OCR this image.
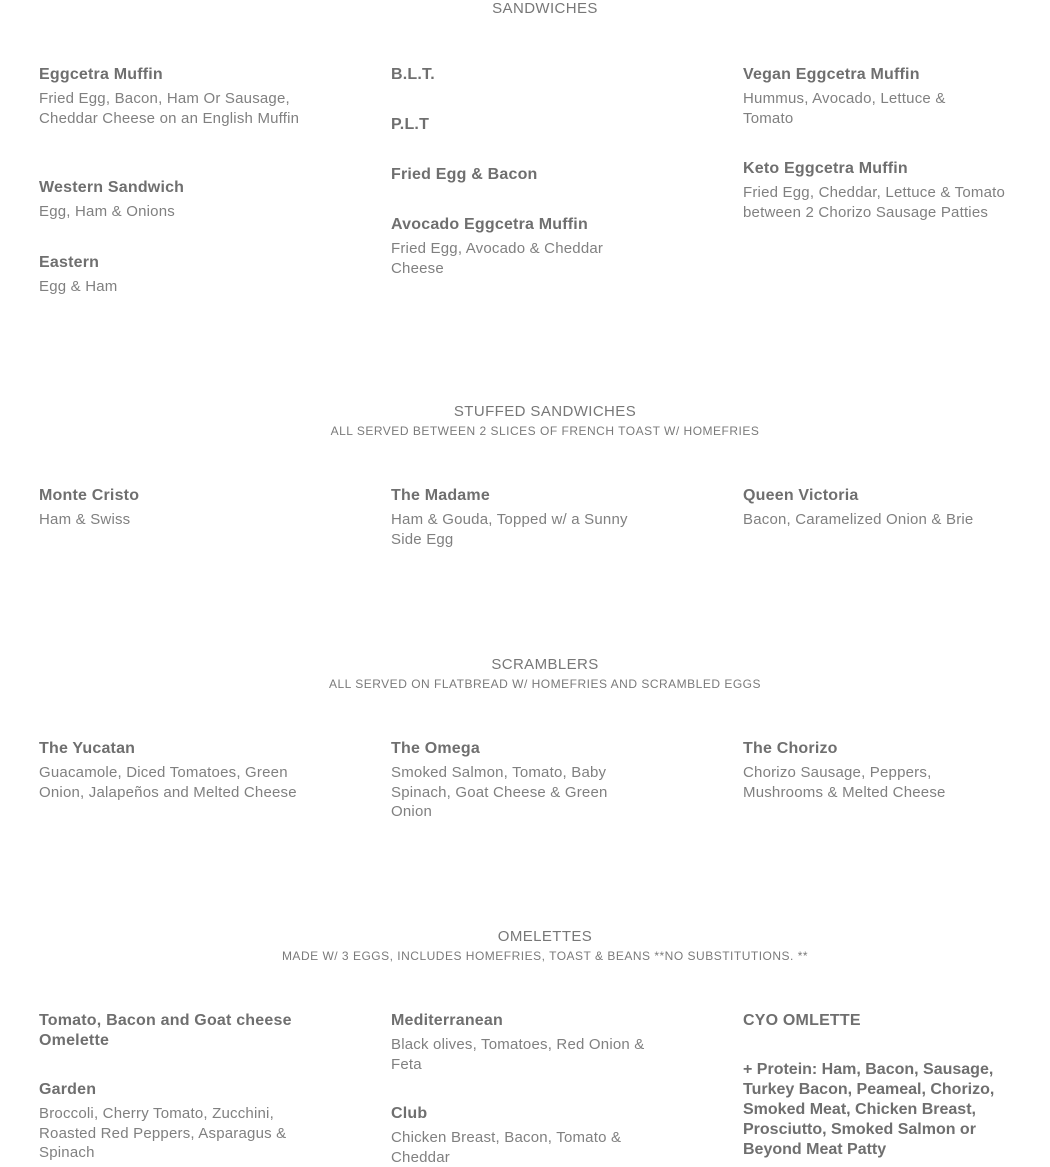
SANDWICHES
Eggcetra Muffin
Fried Egg, Bacon, Ham Or Sausage, Cheddar Cheese on an English Muffin
Western Sandwich
Egg, Ham & Onions
Eastern
Egg & Ham
B.L.T.
P.L.T
Fried Egg & Bacon
Avocado Eggcetra Muffin
Fried Egg, Avocado & Cheddar Cheese
Vegan Eggcetra Muffin
Hummus, Avocado, Lettuce & Tomato
Keto Eggcetra Muffin
Fried Egg, Cheddar, Lettuce & Tomato between 2 Chorizo Sausage Patties
STUFFED SANDWICHES
ALL SERVED BETWEEN 2 SLICES OF FRENCH TOAST W/ HOMEFRIES
Monte Cristo
Ham & Swiss
The Madame
Ham & Gouda, Topped w/ a Sunny Side Egg
Queen Victoria
Bacon, Caramelized Onion & Brie
SCRAMBLERS
ALL SERVED ON FLATBREAD W/ HOMEFRIES AND SCRAMBLED EGGS
The Yucatan
Guacamole, Diced Tomatoes, Green Onion, Jalapeños and Melted Cheese
The Omega
Smoked Salmon, Tomato, Baby Spinach, Goat Cheese & Green Onion
The Chorizo
Chorizo Sausage, Peppers, Mushrooms & Melted Cheese
OMELETTES
MADE W/ 3 EGGS, INCLUDES HOMEFRIES, TOAST & BEANS **NO SUBSTITUTIONS. **
Tomato, Bacon and Goat cheese Omelette
Garden
Broccoli, Cherry Tomato, Zucchini, Roasted Red Peppers, Asparagus & Spinach
Mediterranean
Black olives, Tomatoes, Red Onion & Feta
Club
Chicken Breast, Bacon, Tomato & Cheddar
CYO OMLETTE
+ Protein: Ham, Bacon, Sausage, Turkey Bacon, Peameal, Chorizo, Smoked Meat, Chicken Breast, Prosciutto, Smoked Salmon or Beyond Meat Patty
